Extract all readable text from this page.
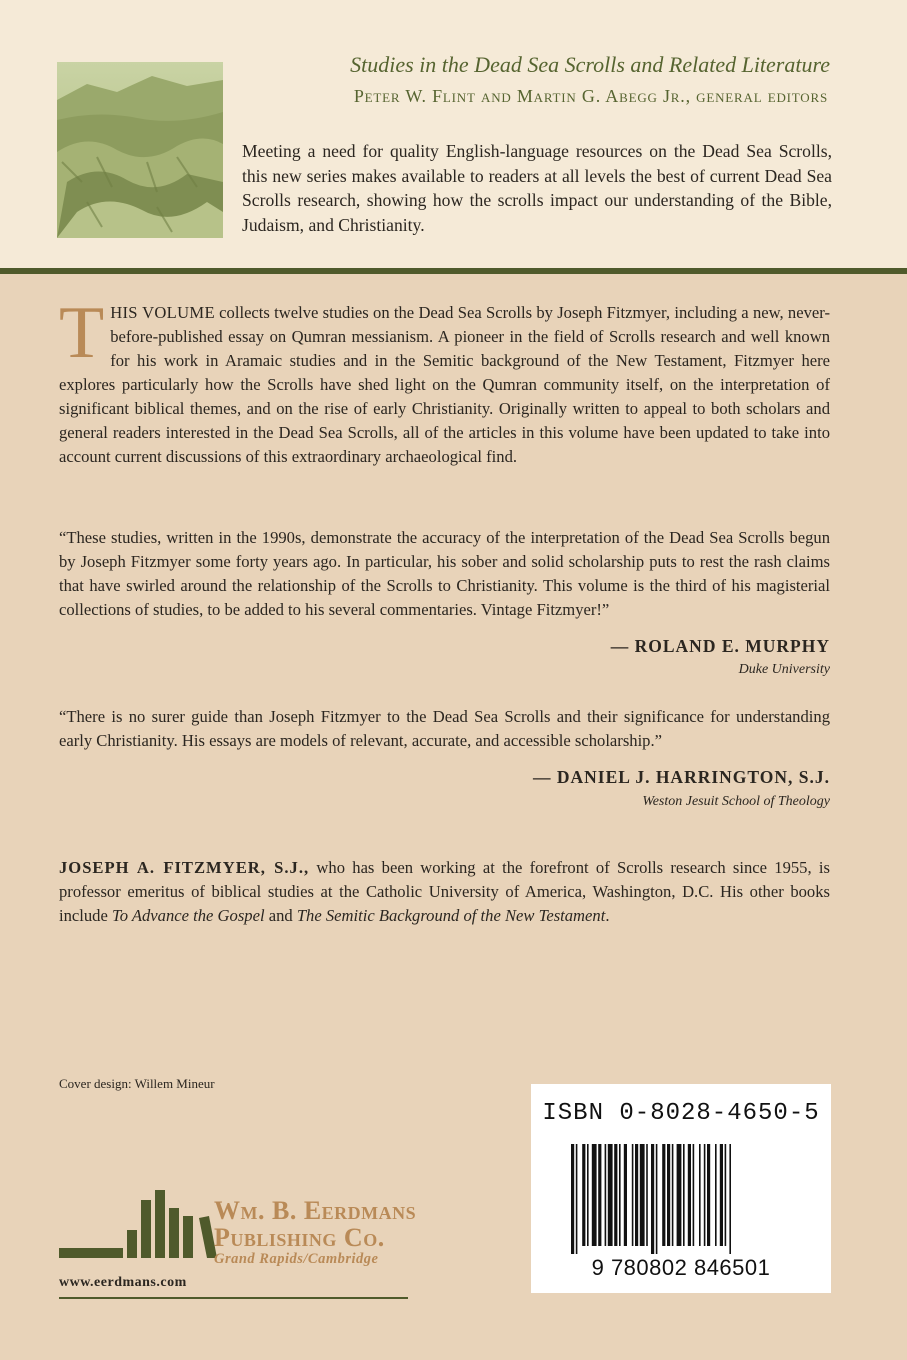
Studies in the Dead Sea Scrolls and Related Literature
Peter W. Flint and Martin G. Abegg Jr., general editors
Meeting a need for quality English-language resources on the Dead Sea Scrolls, this new series makes available to readers at all levels the best of current Dead Sea Scrolls research, showing how the scrolls impact our understanding of the Bible, Judaism, and Christianity.
THIS VOLUME collects twelve studies on the Dead Sea Scrolls by Joseph Fitzmyer, including a new, never-before-published essay on Qumran messianism. A pioneer in the field of Scrolls research and well known for his work in Aramaic studies and in the Semitic background of the New Testament, Fitzmyer here explores particularly how the Scrolls have shed light on the Qumran community itself, on the interpretation of significant biblical themes, and on the rise of early Christianity. Originally written to appeal to both scholars and general readers interested in the Dead Sea Scrolls, all of the articles in this volume have been updated to take into account current discussions of this extraordinary archaeological find.
“These studies, written in the 1990s, demonstrate the accuracy of the interpretation of the Dead Sea Scrolls begun by Joseph Fitzmyer some forty years ago. In particular, his sober and solid scholarship puts to rest the rash claims that have swirled around the relationship of the Scrolls to Christianity. This volume is the third of his magisterial collections of studies, to be added to his several commentaries. Vintage Fitzmyer!”
— ROLAND E. MURPHY
Duke University
“There is no surer guide than Joseph Fitzmyer to the Dead Sea Scrolls and their significance for understanding early Christianity. His essays are models of relevant, accurate, and accessible scholarship.”
— DANIEL J. HARRINGTON, S.J.
Weston Jesuit School of Theology
JOSEPH A. FITZMYER, S.J., who has been working at the forefront of Scrolls research since 1955, is professor emeritus of biblical studies at the Catholic University of America, Washington, D.C. His other books include To Advance the Gospel and The Semitic Background of the New Testament.
Cover design: Willem Mineur
Wm. B. Eerdmans
Publishing Co.
Grand Rapids/Cambridge
www.eerdmans.com
ISBN 0-8028-4650-5
9 780802 846501
